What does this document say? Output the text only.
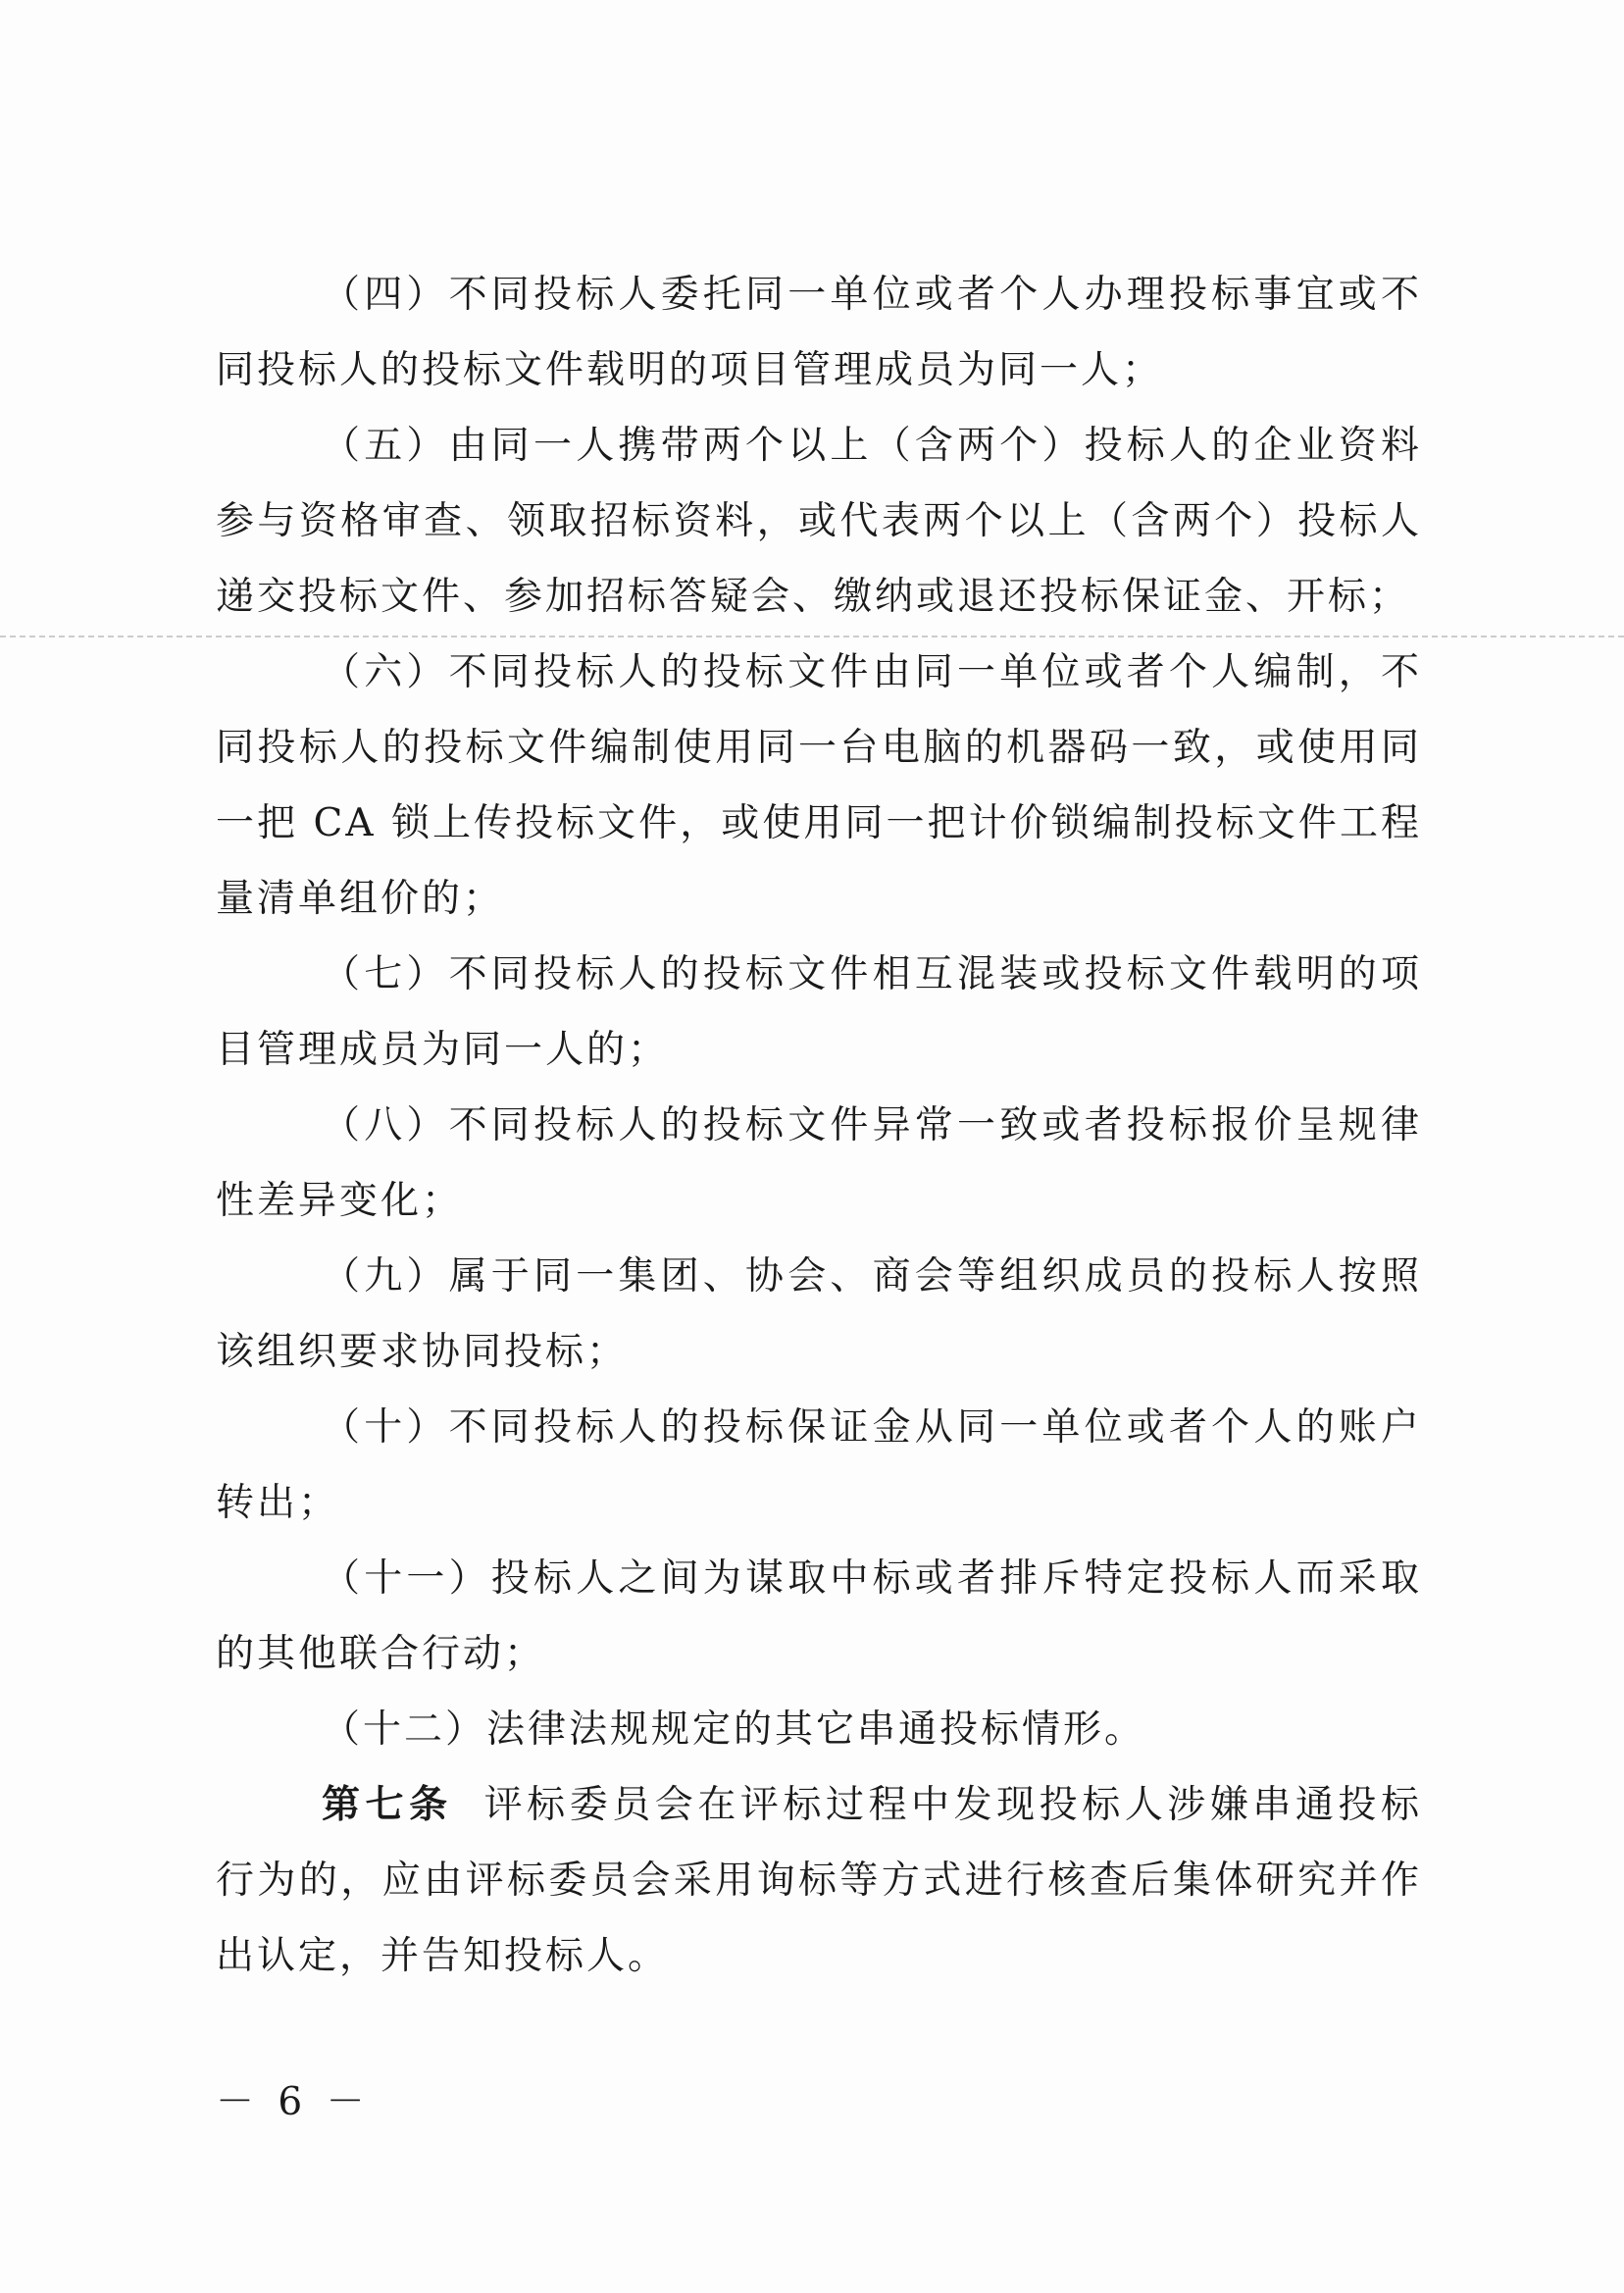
（四）不同投标人委托同一单位或者个人办理投标事宜或不同投标人的投标文件载明的项目管理成员为同一人；

（五）由同一人携带两个以上（含两个）投标人的企业资料参与资格审查、领取招标资料，或代表两个以上（含两个）投标人递交投标文件、参加招标答疑会、缴纳或退还投标保证金、开标；

（六）不同投标人的投标文件由同一单位或者个人编制，不同投标人的投标文件编制使用同一台电脑的机器码一致，或使用同一把 CA 锁上传投标文件，或使用同一把计价锁编制投标文件工程量清单组价的；

（七）不同投标人的投标文件相互混装或投标文件载明的项目管理成员为同一人的；

（八）不同投标人的投标文件异常一致或者投标报价呈规律性差异变化；

（九）属于同一集团、协会、商会等组织成员的投标人按照该组织要求协同投标；

（十）不同投标人的投标保证金从同一单位或者个人的账户转出；

（十一）投标人之间为谋取中标或者排斥特定投标人而采取的其他联合行动；

（十二）法律法规规定的其它串通投标情形。

第七条 评标委员会在评标过程中发现投标人涉嫌串通投标行为的，应由评标委员会采用询标等方式进行核查后集体研究并作出认定，并告知投标人。

－ 6 －
